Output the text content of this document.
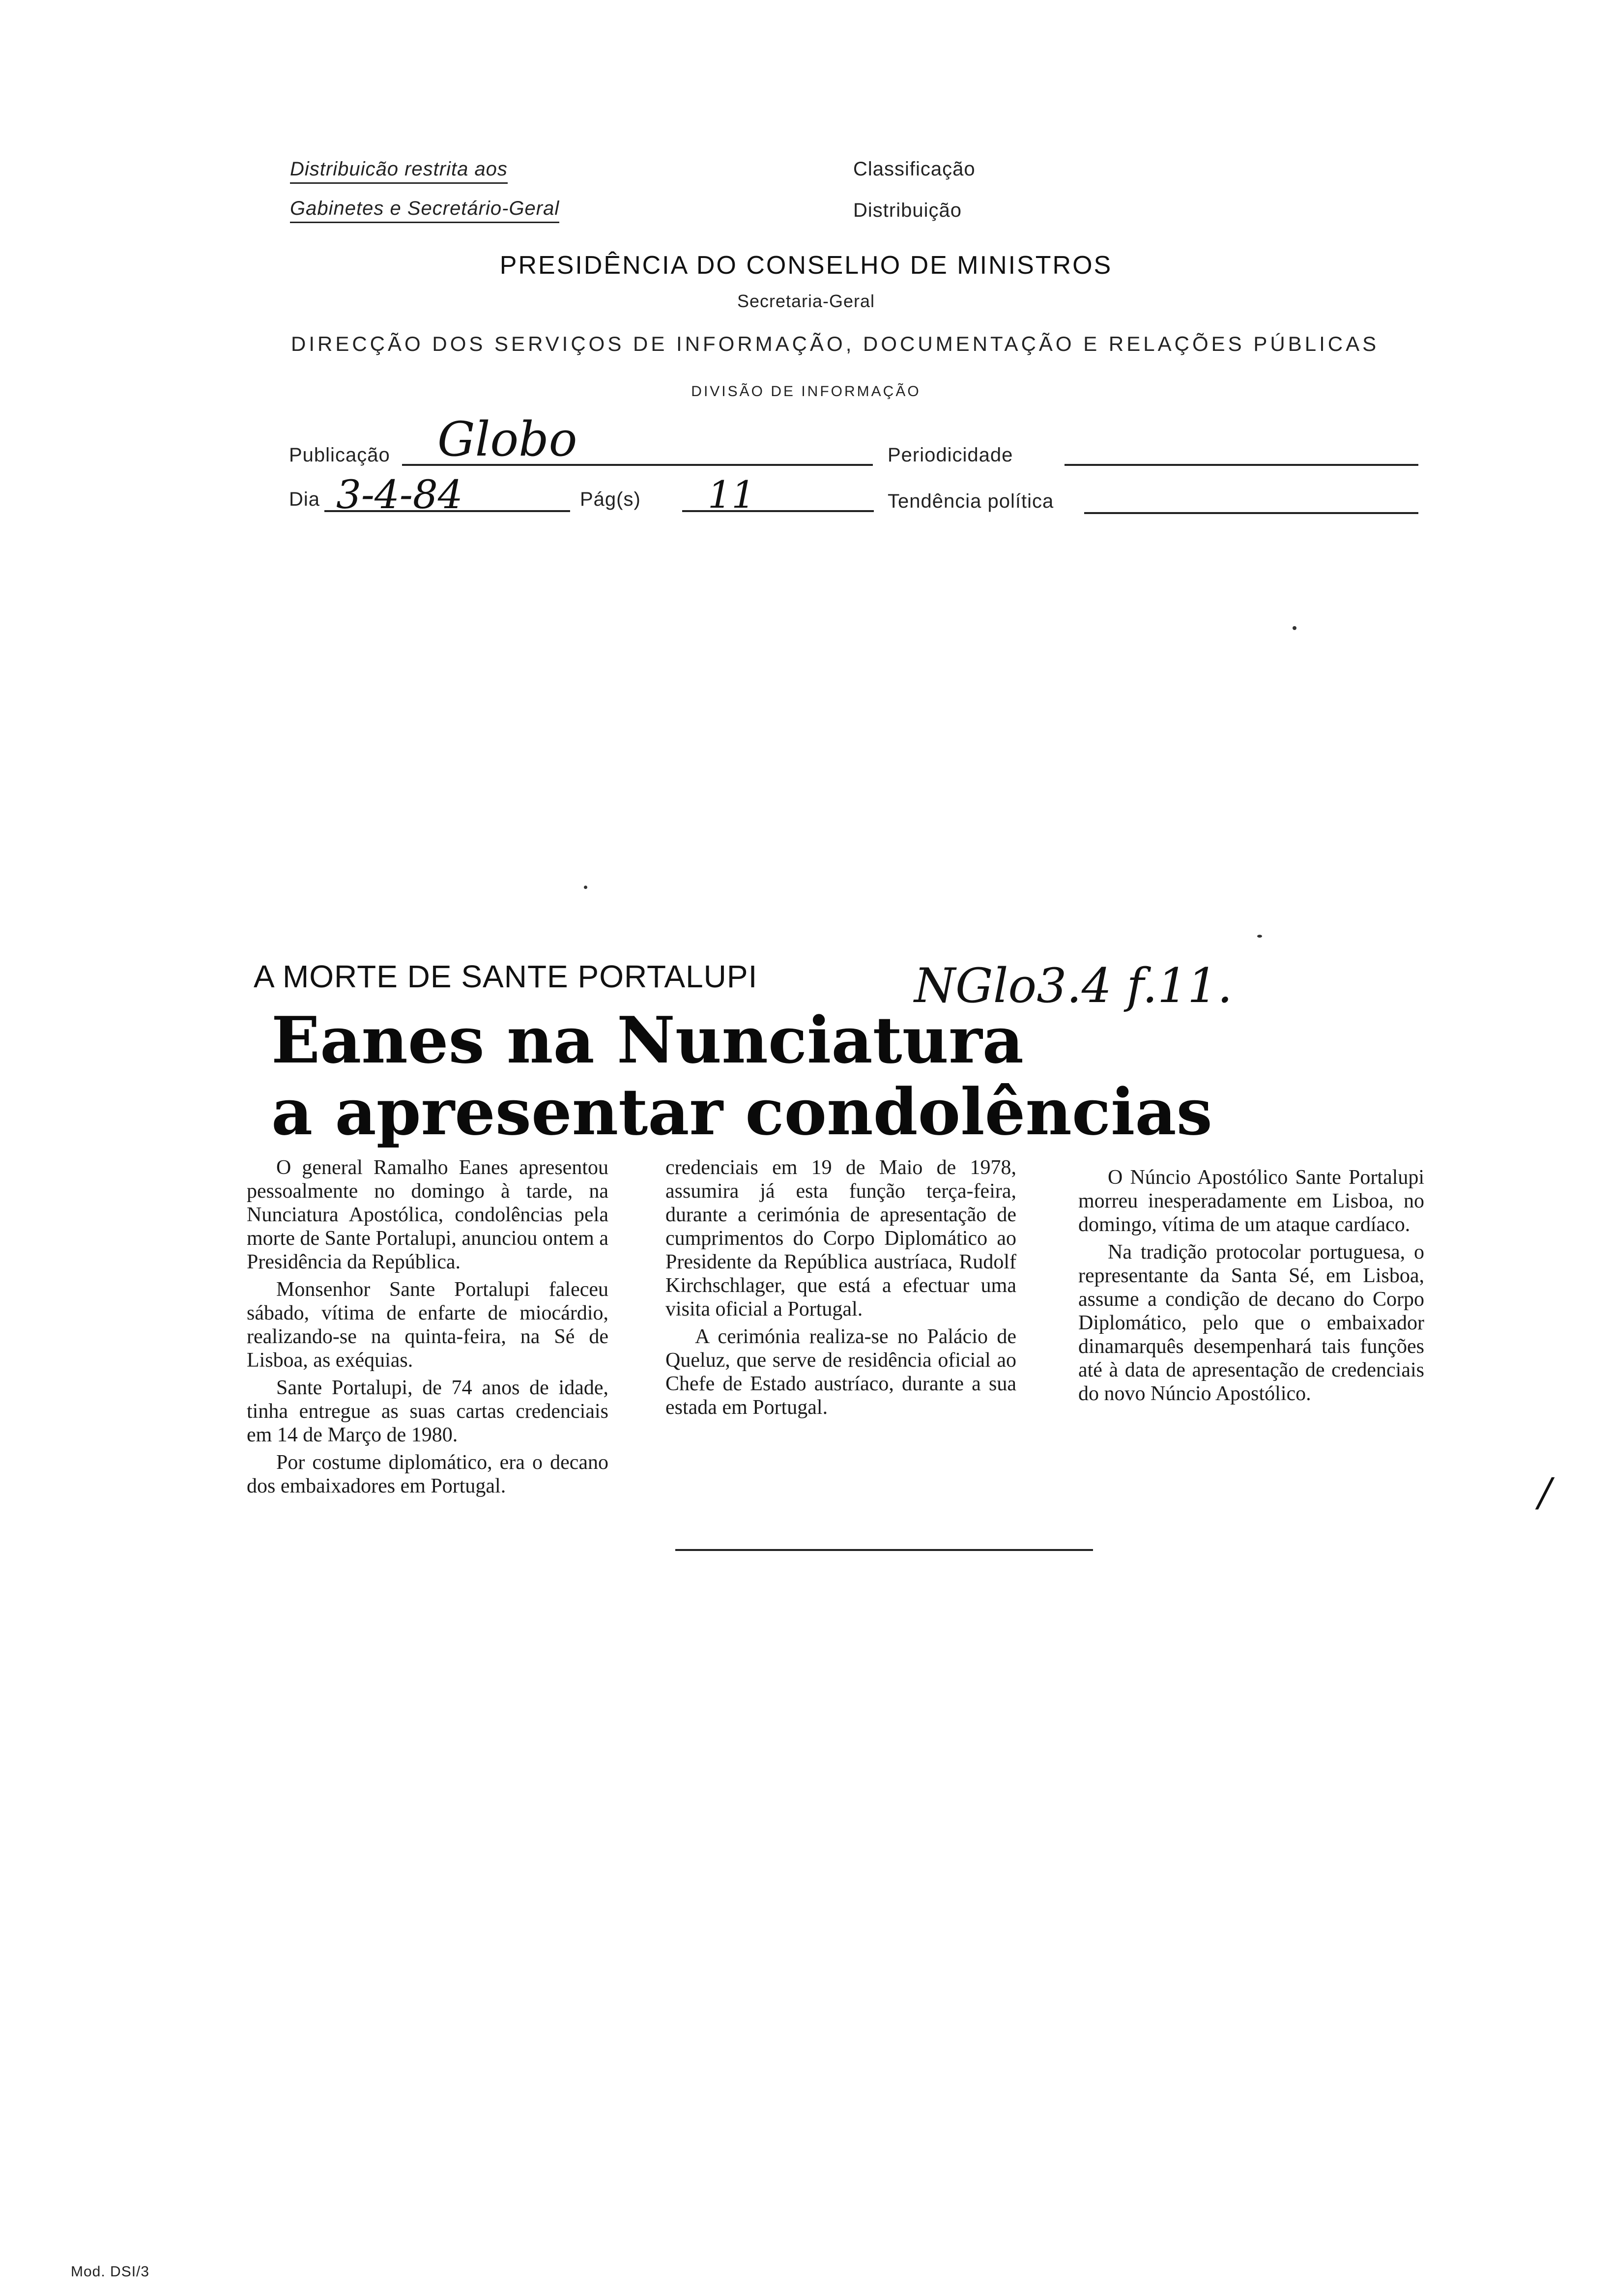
Distribuicão restrita aos
Gabinetes e Secretário-Geral
Classificação
Distribuição
PRESIDÊNCIA DO CONSELHO DE MINISTROS
Secretaria-Geral
DIRECÇÃO DOS SERVIÇOS DE INFORMAÇÃO, DOCUMENTAÇÃO E RELAÇÕES PÚBLICAS
DIVISÃO DE INFORMAÇÃO
Publicação Globo	Periodicidade
Dia 3-4-84	Pág(s) 11	Tendência política
A MORTE DE SANTE PORTALUPI	NGlo3.4 f.11.
Eanes na Nunciatura
a apresentar condolências

O general Ramalho Eanes apresentou pessoalmente no domingo à tarde, na Nunciatura Apostólica, condolências pela morte de Sante Portalupi, anunciou ontem a Presidência da República.

Monsenhor Sante Portalupi faleceu sábado, vítima de enfarte de miocárdio, realizando-se na quinta-feira, na Sé de Lisboa, as exéquias.

Sante Portalupi, de 74 anos de idade, tinha entregue as suas cartas credenciais em 14 de Março de 1980.

Por costume diplomático, era o decano dos embaixadores em Portugal.

credenciais em 19 de Maio de 1978, assumira já esta função terça-feira, durante a cerimónia de apresentação de cumprimentos do Corpo Diplomático ao Presidente da República austríaca, Rudolf Kirchschlager, que está a efectuar uma visita oficial a Portugal.

A cerimónia realiza-se no Palácio de Queluz, que serve de residência oficial ao Chefe de Estado austríaco, durante a sua estada em Portugal.

O Núncio Apostólico Sante Portalupi morreu inesperadamente em Lisboa, no domingo, vítima de um ataque cardíaco.

Na tradição protocolar portuguesa, o representante da Santa Sé, em Lisboa, assume a condição de decano do Corpo Diplomático, pelo que o embaixador dinamarquês desempenhará tais funções até à data de apresentação de credenciais do novo Núncio Apostólico.

/
Mod. DSI/3
